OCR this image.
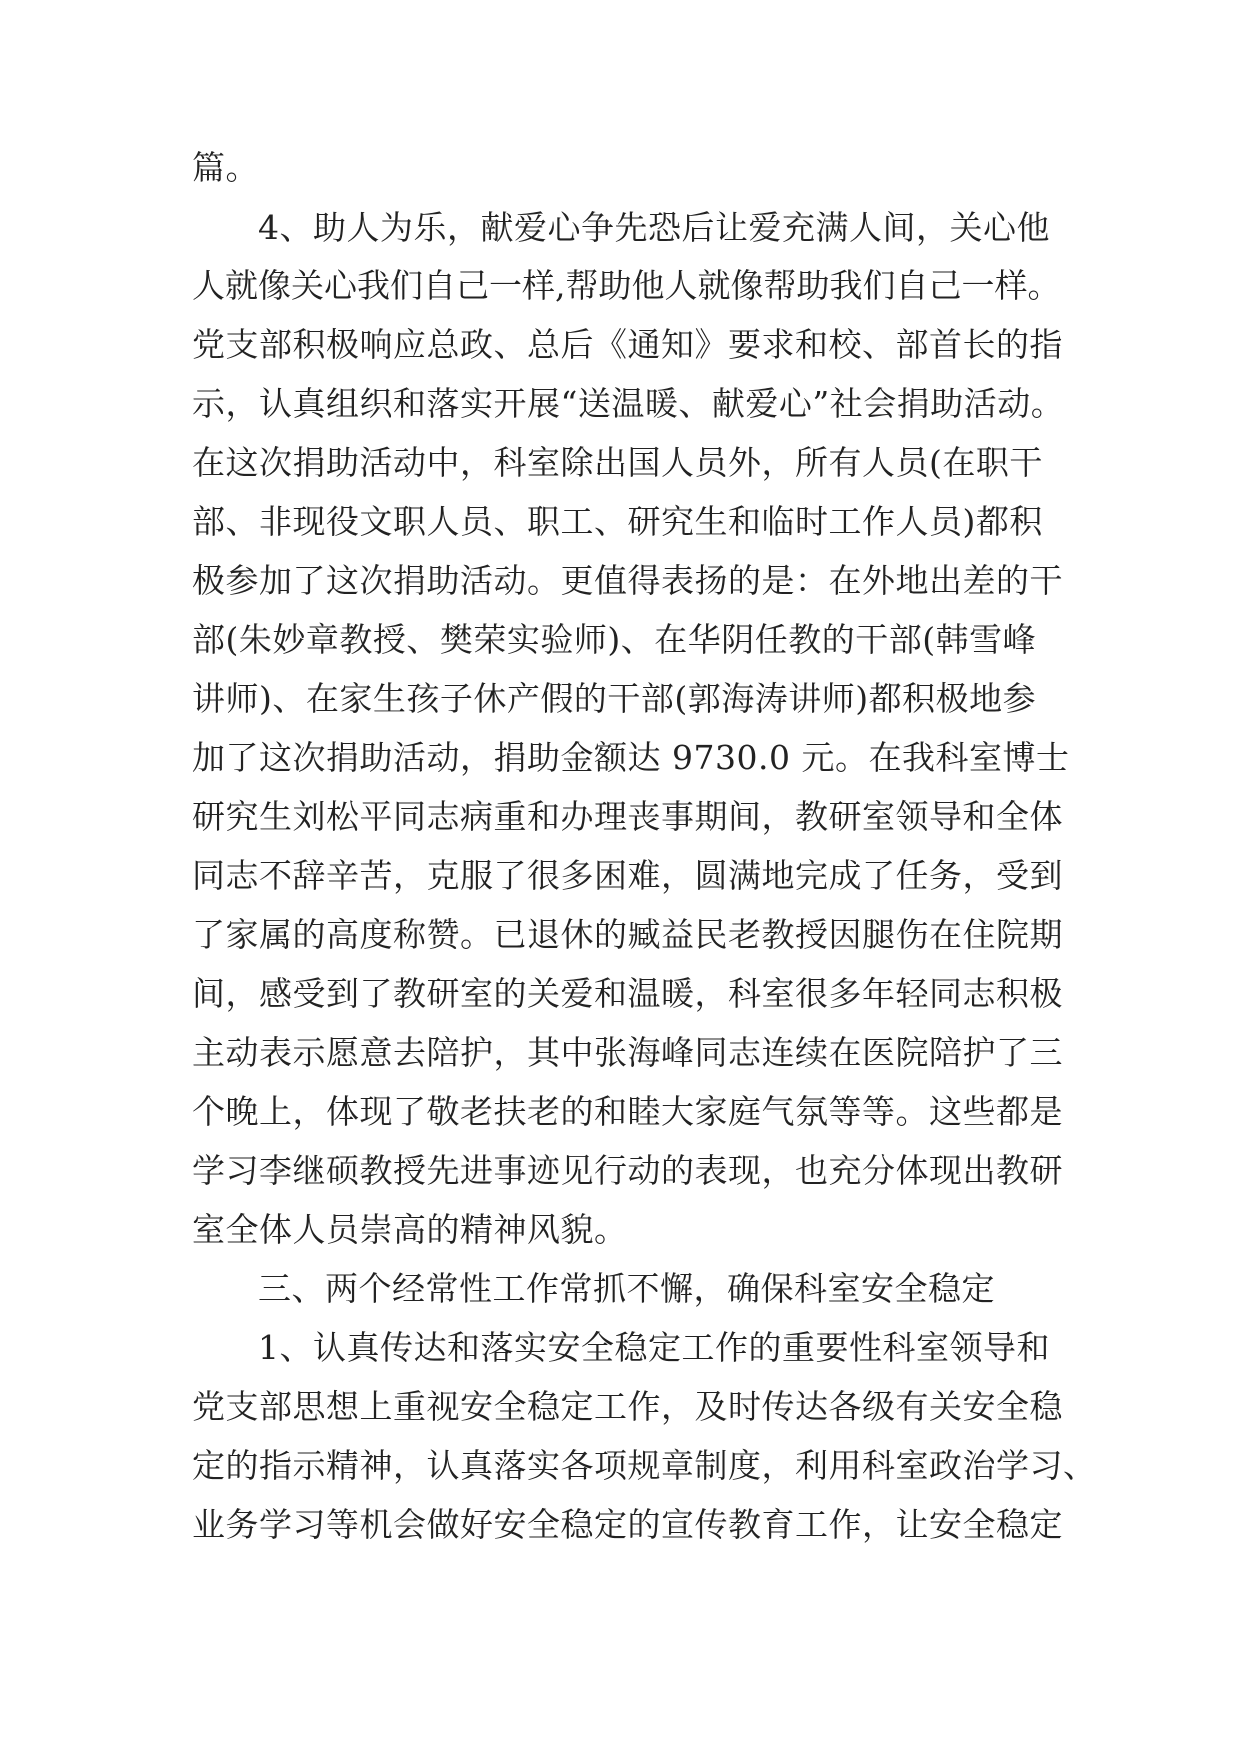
篇。
4、助人为乐，献爱心争先恐后让爱充满人间，关心他
人就像关心我们自己一样,帮助他人就像帮助我们自己一样。
党支部积极响应总政、总后《通知》要求和校、部首长的指
示，认真组织和落实开展“送温暖、献爱心”社会捐助活动。
在这次捐助活动中，科室除出国人员外，所有人员(在职干
部、非现役文职人员、职工、研究生和临时工作人员)都积
极参加了这次捐助活动。更值得表扬的是：在外地出差的干
部(朱妙章教授、樊荣实验师)、在华阴任教的干部(韩雪峰
讲师)、在家生孩子休产假的干部(郭海涛讲师)都积极地参
加了这次捐助活动，捐助金额达 9730.0 元。在我科室博士
研究生刘松平同志病重和办理丧事期间，教研室领导和全体
同志不辞辛苦，克服了很多困难，圆满地完成了任务，受到
了家属的高度称赞。已退休的臧益民老教授因腿伤在住院期
间，感受到了教研室的关爱和温暖，科室很多年轻同志积极
主动表示愿意去陪护，其中张海峰同志连续在医院陪护了三
个晚上，体现了敬老扶老的和睦大家庭气氛等等。这些都是
学习李继硕教授先进事迹见行动的表现，也充分体现出教研
室全体人员崇高的精神风貌。
三、两个经常性工作常抓不懈，确保科室安全稳定
1、认真传达和落实安全稳定工作的重要性科室领导和
党支部思想上重视安全稳定工作，及时传达各级有关安全稳
定的指示精神，认真落实各项规章制度，利用科室政治学习、
业务学习等机会做好安全稳定的宣传教育工作，让安全稳定
